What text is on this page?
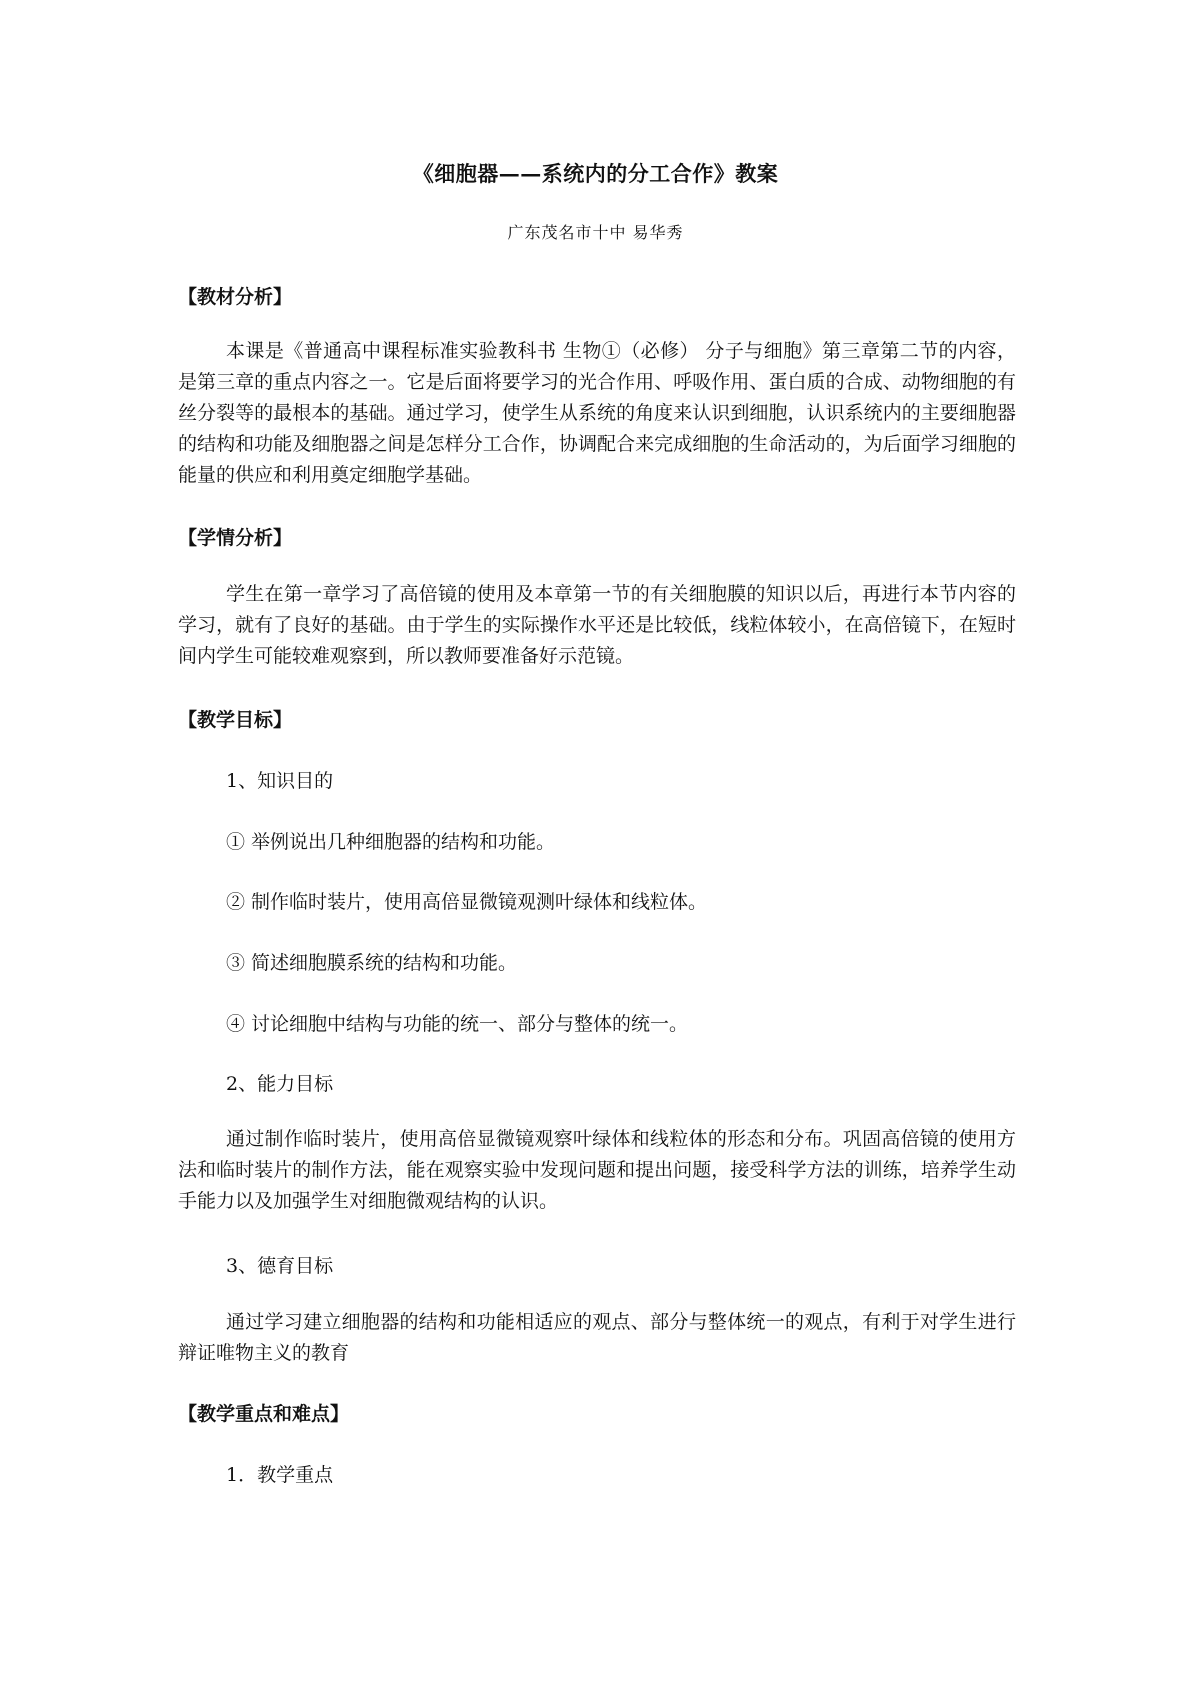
《细胞器——系统内的分工合作》教案
广东茂名市十中 易华秀
【教材分析】

本课是《普通高中课程标准实验教科书 生物①（必修） 分子与细胞》第三章第二节的内容，是第三章的重点内容之一。它是后面将要学习的光合作用、呼吸作用、蛋白质的合成、动物细胞的有丝分裂等的最根本的基础。通过学习，使学生从系统的角度来认识到细胞，认识系统内的主要细胞器的结构和功能及细胞器之间是怎样分工合作，协调配合来完成细胞的生命活动的，为后面学习细胞的能量的供应和利用奠定细胞学基础。

【学情分析】

学生在第一章学习了高倍镜的使用及本章第一节的有关细胞膜的知识以后，再进行本节内容的学习，就有了良好的基础。由于学生的实际操作水平还是比较低，线粒体较小，在高倍镜下，在短时间内学生可能较难观察到，所以教师要准备好示范镜。

【教学目标】
1、知识目的
① 举例说出几种细胞器的结构和功能。
② 制作临时装片，使用高倍显微镜观测叶绿体和线粒体。
③ 简述细胞膜系统的结构和功能。
④ 讨论细胞中结构与功能的统一、部分与整体的统一。
2、能力目标

通过制作临时装片，使用高倍显微镜观察叶绿体和线粒体的形态和分布。巩固高倍镜的使用方法和临时装片的制作方法，能在观察实验中发现问题和提出问题，接受科学方法的训练，培养学生动手能力以及加强学生对细胞微观结构的认识。

3、德育目标

通过学习建立细胞器的结构和功能相适应的观点、部分与整体统一的观点，有利于对学生进行辩证唯物主义的教育

【教学重点和难点】
1．教学重点
